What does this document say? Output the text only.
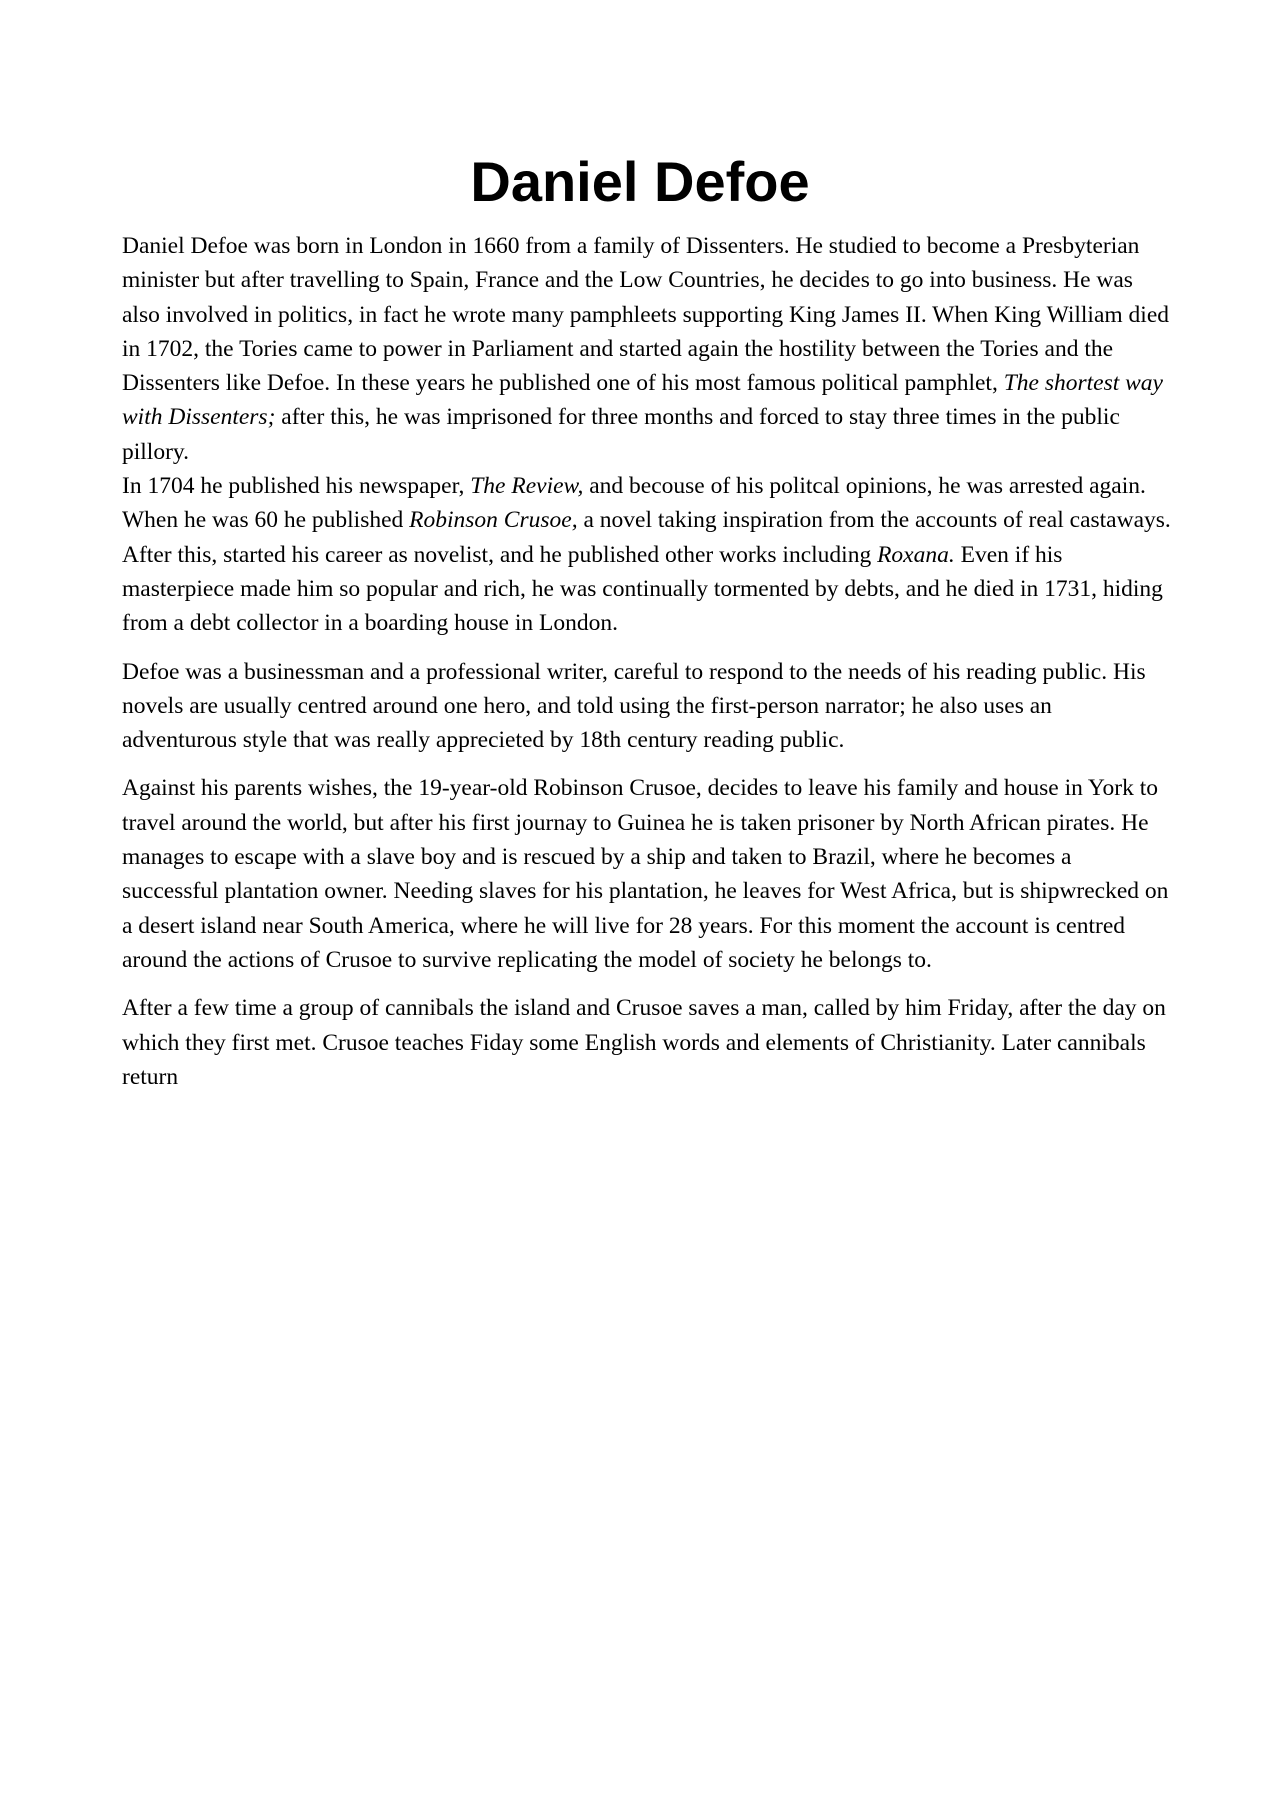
Daniel Defoe

Daniel Defoe was born in London in 1660 from a family of Dissenters. He studied to become a Presbyterian minister but after travelling to Spain, France and the Low Countries, he decides to go into business. He was also involved in politics, in fact he wrote many pamphleets supporting King James II. When King William died in 1702, the Tories came to power in Parliament and started again the hostility between the Tories and the Dissenters like Defoe. In these years he published one of his most famous political pamphlet, The shortest way with Dissenters; after this, he was imprisoned for three months and forced to stay three times in the public pillory.

In 1704 he published his newspaper, The Review, and becouse of his politcal opinions, he was arrested again. When he was 60 he published Robinson Crusoe, a novel taking inspiration from the accounts of real castaways. After this, started his career as novelist, and he published other works including Roxana. Even if his masterpiece made him so popular and rich, he was continually tormented by debts, and he died in 1731, hiding from a debt collector in a boarding house in London.

Defoe was a businessman and a professional writer, careful to respond to the needs of his reading public. His novels are usually centred around one hero, and told using the first-person narrator; he also uses an adventurous style that was really apprecieted by 18th century reading public.

Against his parents wishes, the 19-year-old Robinson Crusoe, decides to leave his family and house in York to travel around the world, but after his first journay to Guinea he is taken prisoner by North African pirates. He manages to escape with a slave boy and is rescued by a ship and taken to Brazil, where he becomes a successful plantation owner. Needing slaves for his plantation, he leaves for West Africa, but is shipwrecked on a desert island near South America, where he will live for 28 years. For this moment the account is centred around the actions of Crusoe to survive replicating the model of society he belongs to.

After a few time a group of cannibals the island and Crusoe saves a man, called by him Friday, after the day on which they first met. Crusoe teaches Fiday some English words and elements of Christianity. Later cannibals return
